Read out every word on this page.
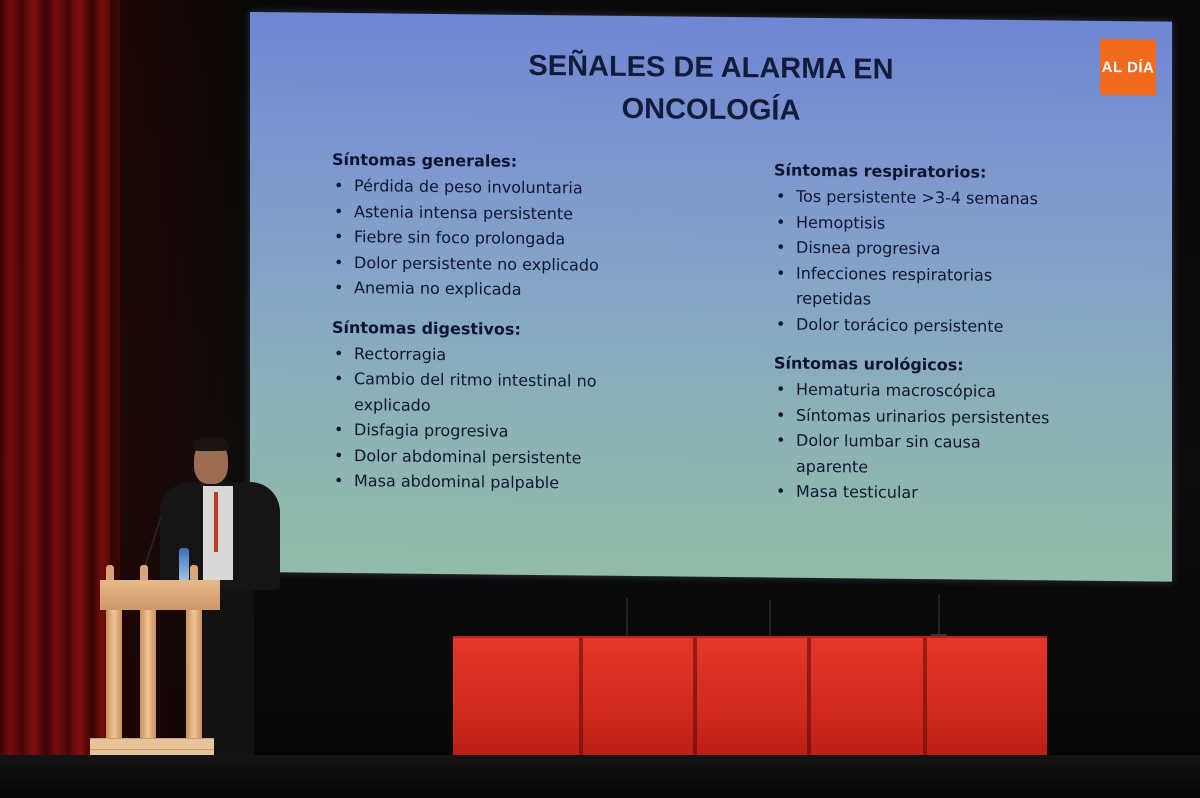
AL DÍA
SEÑALES DE ALARMA EN
ONCOLOGÍA
Síntomas generales:
• Pérdida de peso involuntaria
• Astenia intensa persistente
• Fiebre sin foco prolongada
• Dolor persistente no explicado
• Anemia no explicada
Síntomas digestivos:
• Rectorragia
• Cambio del ritmo intestinal no explicado
• Disfagia progresiva
• Dolor abdominal persistente
• Masa abdominal palpable
Síntomas respiratorios:
• Tos persistente >3-4 semanas
• Hemoptisis
• Disnea progresiva
• Infecciones respiratorias repetidas
• Dolor torácico persistente
Síntomas urológicos:
• Hematuria macroscópica
• Síntomas urinarios persistentes
• Dolor lumbar sin causa aparente
• Masa testicular
